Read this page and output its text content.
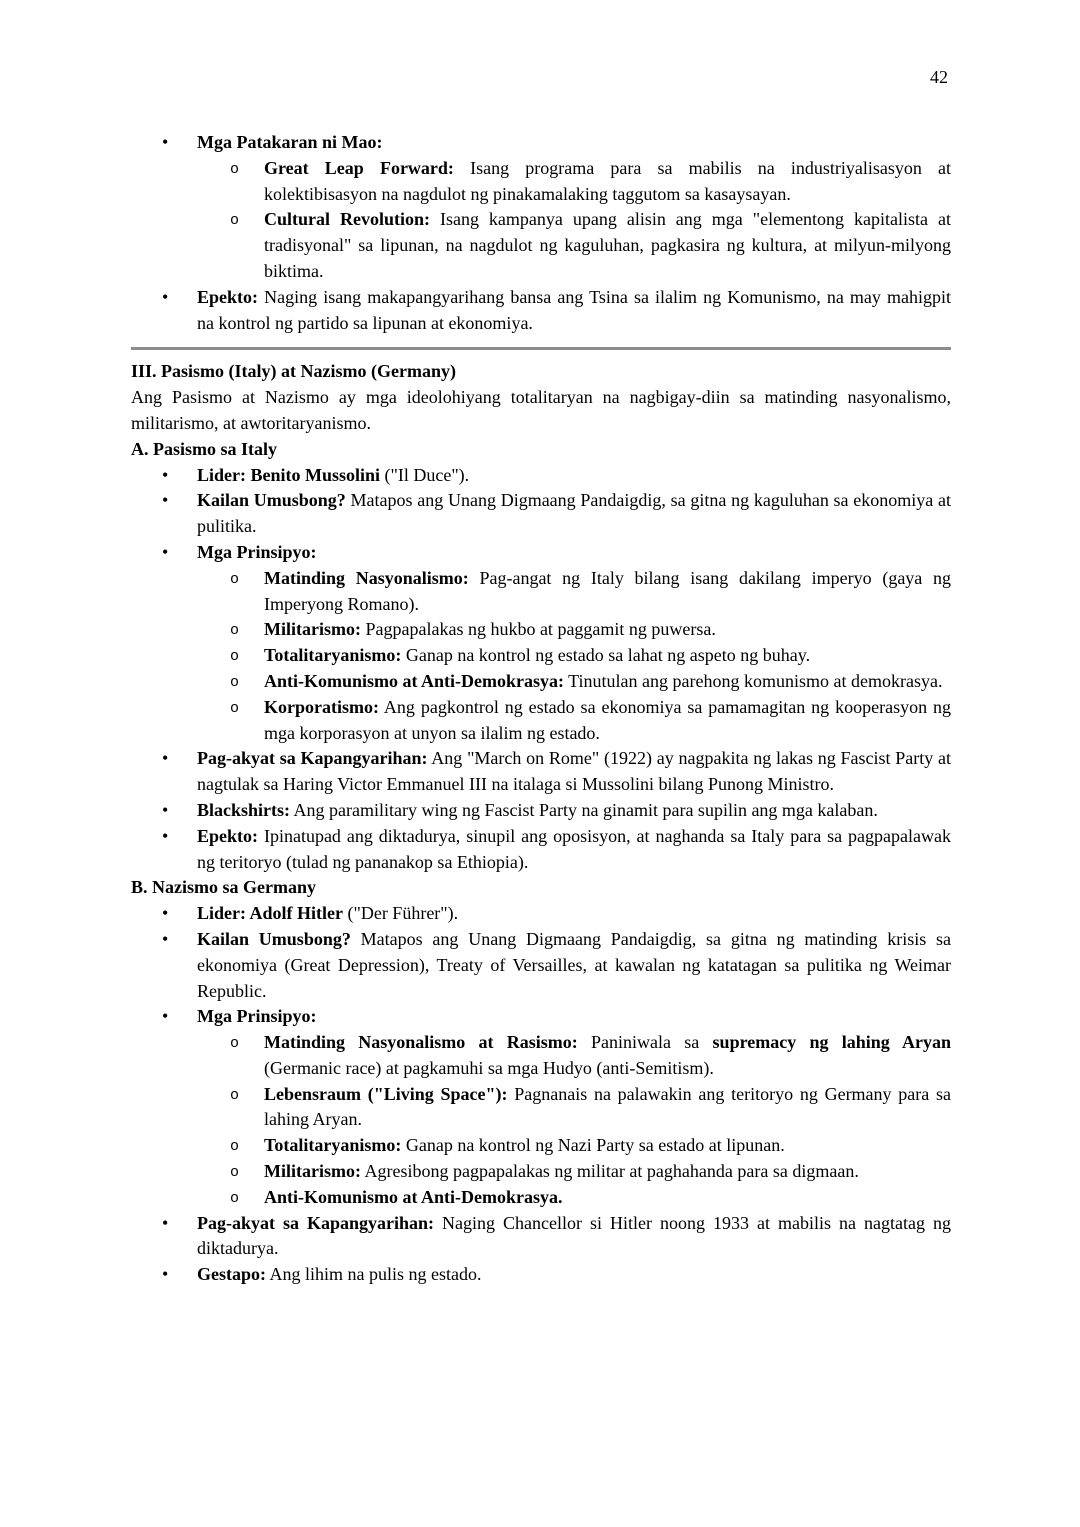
42
• Mga Patakaran ni Mao:
o Great Leap Forward: Isang programa para sa mabilis na industriyalisasyon at kolektibisasyon na nagdulot ng pinakamalaking taggutom sa kasaysayan.
o Cultural Revolution: Isang kampanya upang alisin ang mga "elementong kapitalista at tradisyonal" sa lipunan, na nagdulot ng kaguluhan, pagkasira ng kultura, at milyun-milyong biktima.
• Epekto: Naging isang makapangyarihang bansa ang Tsina sa ilalim ng Komunismo, na may mahigpit na kontrol ng partido sa lipunan at ekonomiya.
III. Pasismo (Italy) at Nazismo (Germany)
Ang Pasismo at Nazismo ay mga ideolohiyang totalitaryan na nagbigay-diin sa matinding nasyonalismo, militarismo, at awtoritaryanismo.
A. Pasismo sa Italy
• Lider: Benito Mussolini ("Il Duce").
• Kailan Umusbong? Matapos ang Unang Digmaang Pandaigdig, sa gitna ng kaguluhan sa ekonomiya at pulitika.
• Mga Prinsipyo:
o Matinding Nasyonalismo: Pag-angat ng Italy bilang isang dakilang imperyo (gaya ng Imperyong Romano).
o Militarismo: Pagpapalakas ng hukbo at paggamit ng puwersa.
o Totalitaryanismo: Ganap na kontrol ng estado sa lahat ng aspeto ng buhay.
o Anti-Komunismo at Anti-Demokrasya: Tinutulan ang parehong komunismo at demokrasya.
o Korporatismo: Ang pagkontrol ng estado sa ekonomiya sa pamamagitan ng kooperasyon ng mga korporasyon at unyon sa ilalim ng estado.
• Pag-akyat sa Kapangyarihan: Ang "March on Rome" (1922) ay nagpakita ng lakas ng Fascist Party at nagtulak sa Haring Victor Emmanuel III na italaga si Mussolini bilang Punong Ministro.
• Blackshirts: Ang paramilitary wing ng Fascist Party na ginamit para supilin ang mga kalaban.
• Epekto: Ipinatupad ang diktadurya, sinupil ang oposisyon, at naghanda sa Italy para sa pagpapalawak ng teritoryo (tulad ng pananakop sa Ethiopia).
B. Nazismo sa Germany
• Lider: Adolf Hitler ("Der Führer").
• Kailan Umusbong? Matapos ang Unang Digmaang Pandaigdig, sa gitna ng matinding krisis sa ekonomiya (Great Depression), Treaty of Versailles, at kawalan ng katatagan sa pulitika ng Weimar Republic.
• Mga Prinsipyo:
o Matinding Nasyonalismo at Rasismo: Paniniwala sa supremacy ng lahing Aryan (Germanic race) at pagkamuhi sa mga Hudyo (anti-Semitism).
o Lebensraum ("Living Space"): Pagnanais na palawakin ang teritoryo ng Germany para sa lahing Aryan.
o Totalitaryanismo: Ganap na kontrol ng Nazi Party sa estado at lipunan.
o Militarismo: Agresibong pagpapalakas ng militar at paghahanda para sa digmaan.
o Anti-Komunismo at Anti-Demokrasya.
• Pag-akyat sa Kapangyarihan: Naging Chancellor si Hitler noong 1933 at mabilis na nagtatag ng diktadurya.
• Gestapo: Ang lihim na pulis ng estado.
